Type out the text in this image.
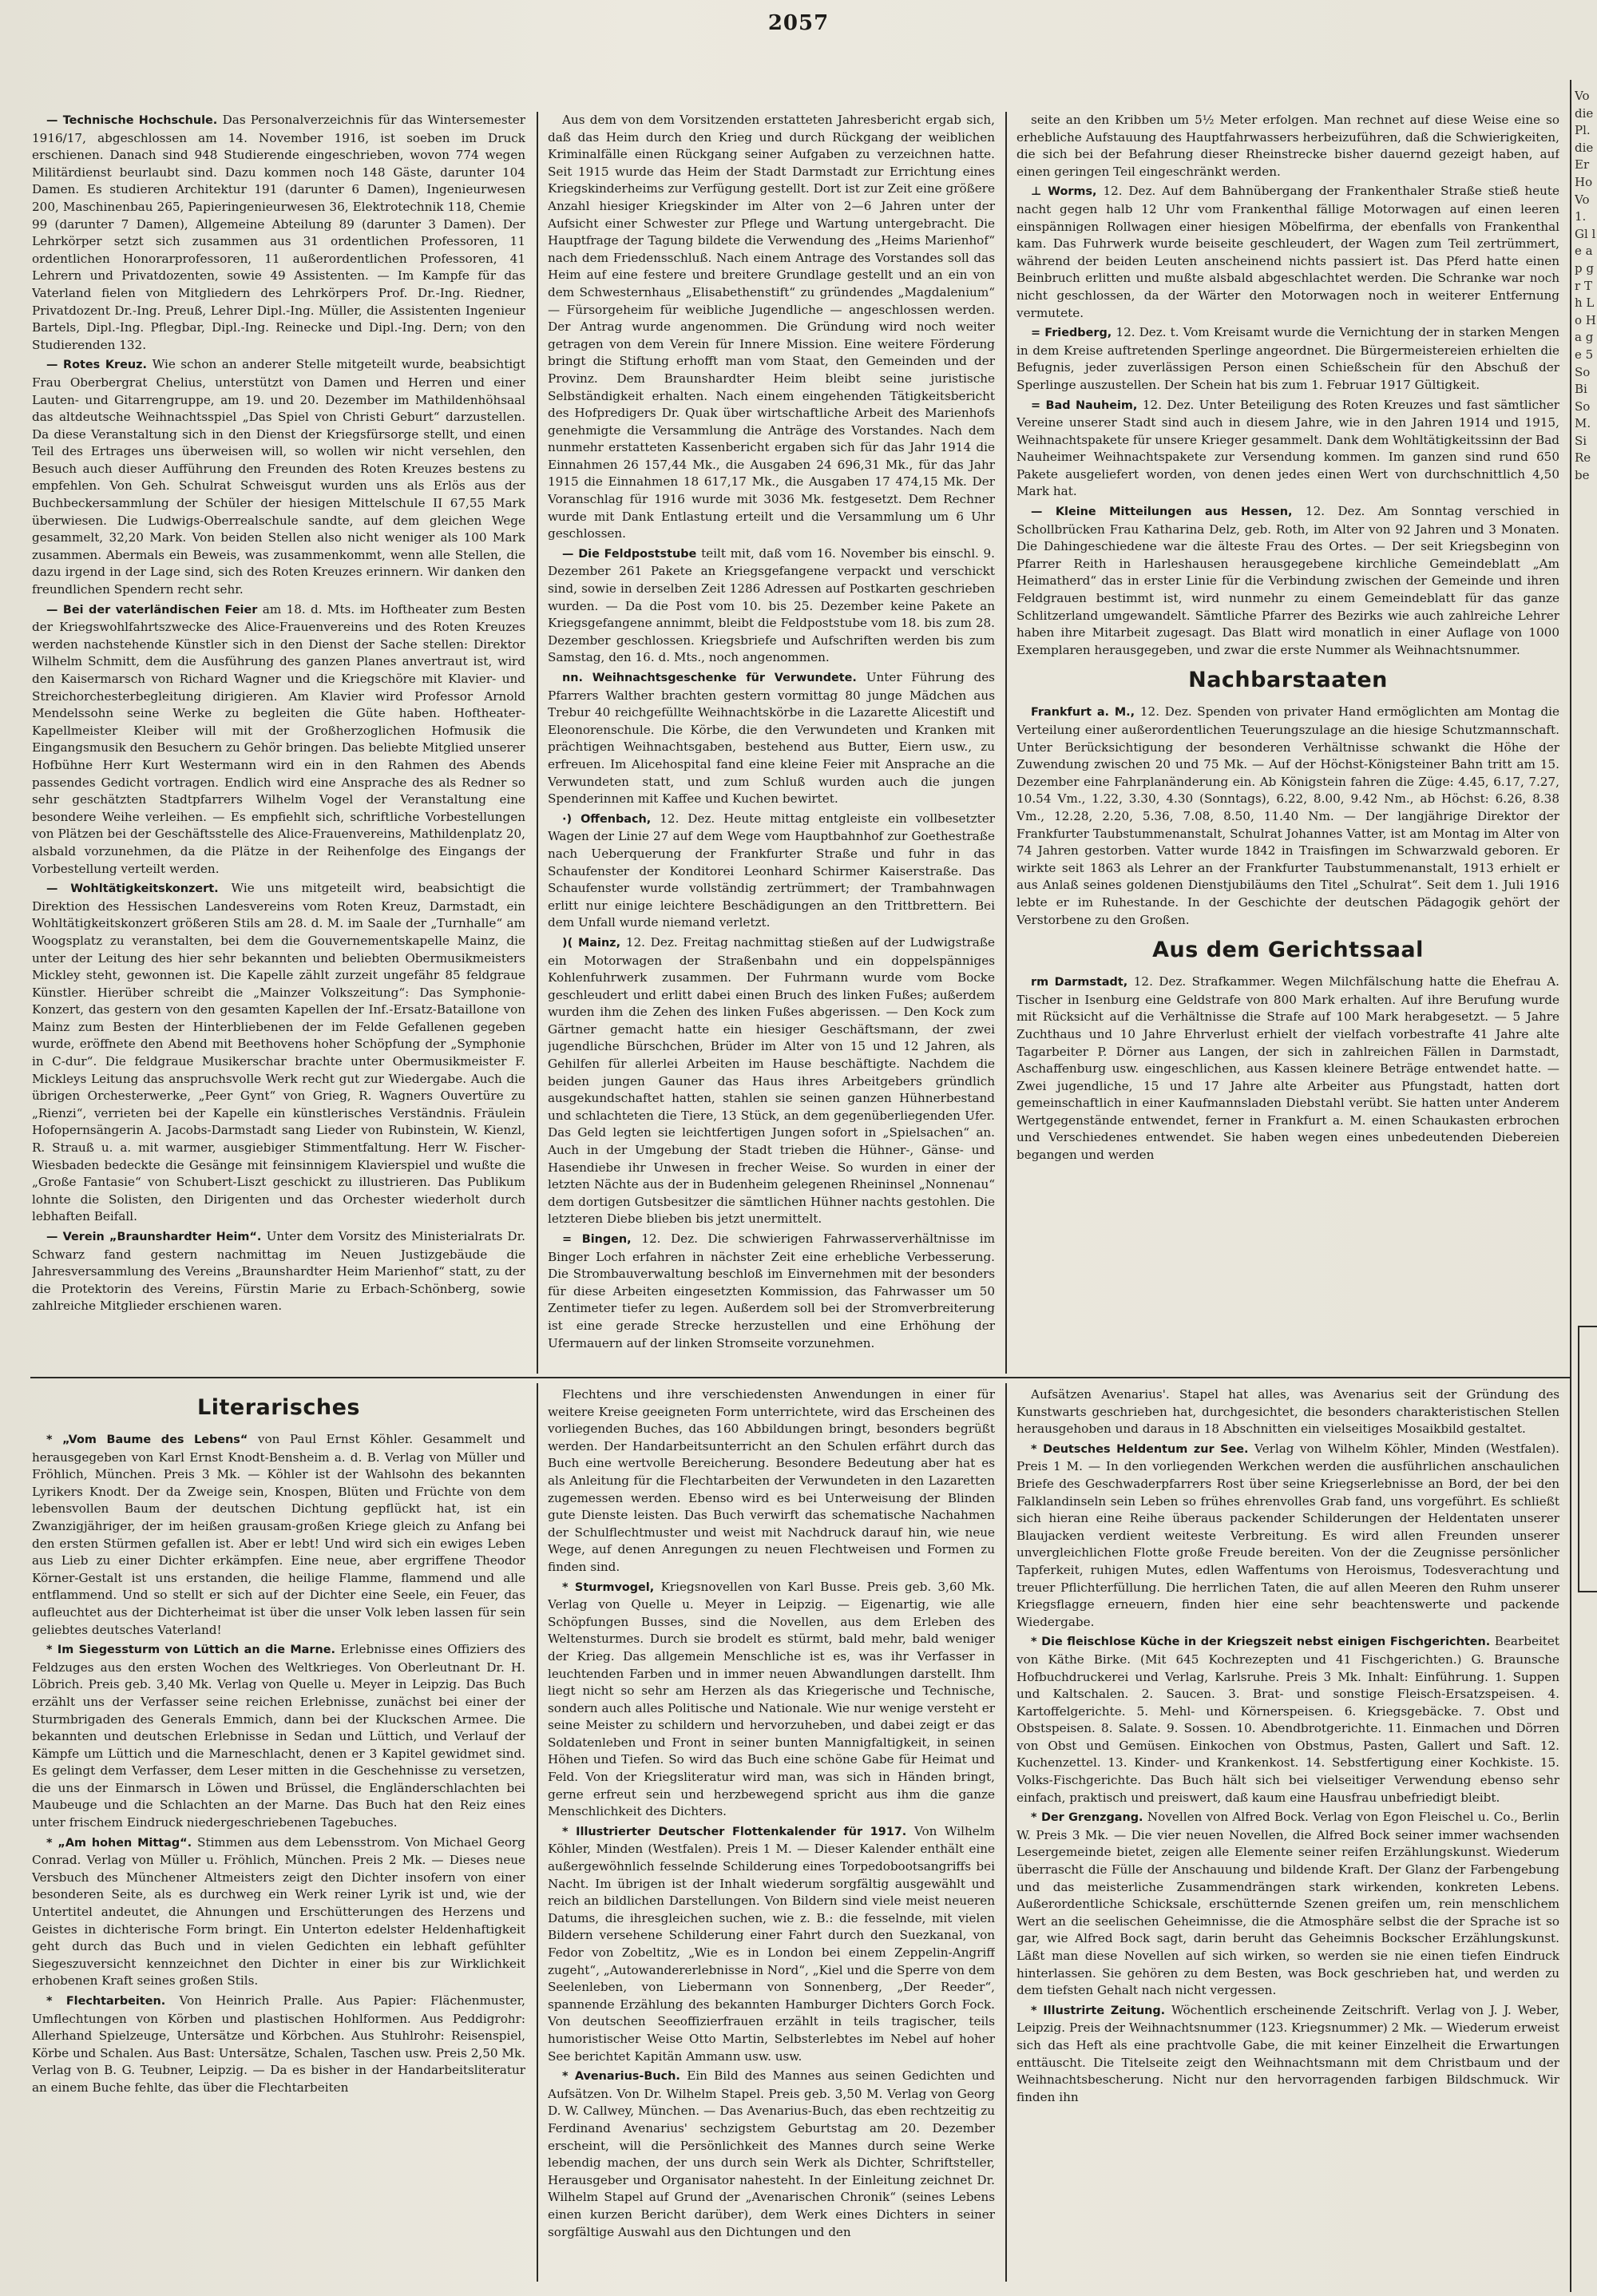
2057

— Technische Hochschule. Das Personalverzeichnis für das Wintersemester 1916/17, abgeschlossen am 14. November 1916, ist soeben im Druck erschienen. Danach sind 948 Studierende eingeschrieben, wovon 774 wegen Militärdienst beurlaubt sind. Dazu kommen noch 148 Gäste, darunter 104 Damen. Es studieren Architektur 191 (darunter 6 Damen), Ingenieurwesen 200, Maschinenbau 265, Papieringenieurwesen 36, Elektrotechnik 118, Chemie 99 (darunter 7 Damen), Allgemeine Abteilung 89 (darunter 3 Damen). Der Lehrkörper setzt sich zusammen aus 31 ordentlichen Professoren, 11 ordentlichen Honorarprofessoren, 11 außerordentlichen Professoren, 41 Lehrern und Privatdozenten, sowie 49 Assistenten. — Im Kampfe für das Vaterland fielen von Mitgliedern des Lehrkörpers Prof. Dr.-Ing. Riedner, Privatdozent Dr.-Ing. Preuß, Lehrer Dipl.-Ing. Müller, die Assistenten Ingenieur Bartels, Dipl.-Ing. Pflegbar, Dipl.-Ing. Reinecke und Dipl.-Ing. Dern; von den Studierenden 132.

— Rotes Kreuz. Wie schon an anderer Stelle mitgeteilt wurde, beabsichtigt Frau Oberbergrat Chelius, unterstützt von Damen und Herren und einer Lauten- und Gitarrengruppe, am 19. und 20. Dezember im Mathildenhöhsaal das altdeutsche Weihnachtsspiel „Das Spiel von Christi Geburt“ darzustellen. Da diese Veranstaltung sich in den Dienst der Kriegsfürsorge stellt, und einen Teil des Ertrages uns überweisen will, so wollen wir nicht versehlen, den Besuch auch dieser Aufführung den Freunden des Roten Kreuzes bestens zu empfehlen. Von Geh. Schulrat Schweisgut wurden uns als Erlös aus der Buchbeckersammlung der Schüler der hiesigen Mittelschule II 67,55 Mark überwiesen. Die Ludwigs-Oberrealschule sandte, auf dem gleichen Wege gesammelt, 32,20 Mark. Von beiden Stellen also nicht weniger als 100 Mark zusammen. Abermals ein Beweis, was zusammenkommt, wenn alle Stellen, die dazu irgend in der Lage sind, sich des Roten Kreuzes erinnern. Wir danken den freundlichen Spendern recht sehr.

— Bei der vaterländischen Feier am 18. d. Mts. im Hoftheater zum Besten der Kriegswohlfahrtszwecke des Alice-Frauenvereins und des Roten Kreuzes werden nachstehende Künstler sich in den Dienst der Sache stellen: Direktor Wilhelm Schmitt, dem die Ausführung des ganzen Planes anvertraut ist, wird den Kaisermarsch von Richard Wagner und die Kriegschöre mit Klavier- und Streichorchesterbegleitung dirigieren. Am Klavier wird Professor Arnold Mendelssohn seine Werke zu begleiten die Güte haben. Hoftheater-Kapellmeister Kleiber will mit der Großherzoglichen Hofmusik die Eingangsmusik den Besuchern zu Gehör bringen. Das beliebte Mitglied unserer Hofbühne Herr Kurt Westermann wird ein in den Rahmen des Abends passendes Gedicht vortragen. Endlich wird eine Ansprache des als Redner so sehr geschätzten Stadtpfarrers Wilhelm Vogel der Veranstaltung eine besondere Weihe verleihen. — Es empfiehlt sich, schriftliche Vorbestellungen von Plätzen bei der Geschäftsstelle des Alice-Frauenvereins, Mathildenplatz 20, alsbald vorzunehmen, da die Plätze in der Reihenfolge des Eingangs der Vorbestellung verteilt werden.

— Wohltätigkeitskonzert. Wie uns mitgeteilt wird, beabsichtigt die Direktion des Hessischen Landesvereins vom Roten Kreuz, Darmstadt, ein Wohltätigkeitskonzert größeren Stils am 28. d. M. im Saale der „Turnhalle“ am Woogsplatz zu veranstalten, bei dem die Gouvernementskapelle Mainz, die unter der Leitung des hier sehr bekannten und beliebten Obermusikmeisters Mickley steht, gewonnen ist. Die Kapelle zählt zurzeit ungefähr 85 feldgraue Künstler. Hierüber schreibt die „Mainzer Volkszeitung“: Das Symphonie-Konzert, das gestern von den gesamten Kapellen der Inf.-Ersatz-Bataillone von Mainz zum Besten der Hinterbliebenen der im Felde Gefallenen gegeben wurde, eröffnete den Abend mit Beethovens hoher Schöpfung der „Symphonie in C-dur“. Die feldgraue Musikerschar brachte unter Obermusikmeister F. Mickleys Leitung das anspruchsvolle Werk recht gut zur Wiedergabe. Auch die übrigen Orchesterwerke, „Peer Gynt“ von Grieg, R. Wagners Ouvertüre zu „Rienzi“, verrieten bei der Kapelle ein künstlerisches Verständnis. Fräulein Hofopernsängerin A. Jacobs-Darmstadt sang Lieder von Rubinstein, W. Kienzl, R. Strauß u. a. mit warmer, ausgiebiger Stimmentfaltung. Herr W. Fischer-Wiesbaden bedeckte die Gesänge mit feinsinnigem Klavierspiel und wußte die „Große Fantasie“ von Schubert-Liszt geschickt zu illustrieren. Das Publikum lohnte die Solisten, den Dirigenten und das Orchester wiederholt durch lebhaften Beifall.

— Verein „Braunshardter Heim“. Unter dem Vorsitz des Ministerialrats Dr. Schwarz fand gestern nachmittag im Neuen Justizgebäude die Jahresversammlung des Vereins „Braunshardter Heim Marienhof“ statt, zu der die Protektorin des Vereins, Fürstin Marie zu Erbach-Schönberg, sowie zahlreiche Mitglieder erschienen waren.

Aus dem von dem Vorsitzenden erstatteten Jahresbericht ergab sich, daß das Heim durch den Krieg und durch Rückgang der weiblichen Kriminalfälle einen Rückgang seiner Aufgaben zu verzeichnen hatte. Seit 1915 wurde das Heim der Stadt Darmstadt zur Errichtung eines Kriegskinderheims zur Verfügung gestellt. Dort ist zur Zeit eine größere Anzahl hiesiger Kriegskinder im Alter von 2—6 Jahren unter der Aufsicht einer Schwester zur Pflege und Wartung untergebracht. Die Hauptfrage der Tagung bildete die Verwendung des „Heims Marienhof“ nach dem Friedensschluß. Nach einem Antrage des Vorstandes soll das Heim auf eine festere und breitere Grundlage gestellt und an ein von dem Schwesternhaus „Elisabethenstift“ zu gründendes „Magdalenium“ — Fürsorgeheim für weibliche Jugendliche — angeschlossen werden. Der Antrag wurde angenommen. Die Gründung wird noch weiter getragen von dem Verein für Innere Mission. Eine weitere Förderung bringt die Stiftung erhofft man vom Staat, den Gemeinden und der Provinz. Dem Braunshardter Heim bleibt seine juristische Selbständigkeit erhalten. Nach einem eingehenden Tätigkeitsbericht des Hofpredigers Dr. Quak über wirtschaftliche Arbeit des Marienhofs genehmigte die Versammlung die Anträge des Vorstandes. Nach dem nunmehr erstatteten Kassenbericht ergaben sich für das Jahr 1914 die Einnahmen 26 157,44 Mk., die Ausgaben 24 696,31 Mk., für das Jahr 1915 die Einnahmen 18 617,17 Mk., die Ausgaben 17 474,15 Mk. Der Voranschlag für 1916 wurde mit 3036 Mk. festgesetzt. Dem Rechner wurde mit Dank Entlastung erteilt und die Versammlung um 6 Uhr geschlossen.

— Die Feldpoststube teilt mit, daß vom 16. November bis einschl. 9. Dezember 261 Pakete an Kriegsgefangene verpackt und verschickt sind, sowie in derselben Zeit 1286 Adressen auf Postkarten geschrieben wurden. — Da die Post vom 10. bis 25. Dezember keine Pakete an Kriegsgefangene annimmt, bleibt die Feldpoststube vom 18. bis zum 28. Dezember geschlossen. Kriegsbriefe und Aufschriften werden bis zum Samstag, den 16. d. Mts., noch angenommen.

nn. Weihnachtsgeschenke für Verwundete. Unter Führung des Pfarrers Walther brachten gestern vormittag 80 junge Mädchen aus Trebur 40 reichgefüllte Weihnachtskörbe in die Lazarette Alicestift und Eleonorenschule. Die Körbe, die den Verwundeten und Kranken mit prächtigen Weihnachtsgaben, bestehend aus Butter, Eiern usw., zu erfreuen. Im Alicehospital fand eine kleine Feier mit Ansprache an die Verwundeten statt, und zum Schluß wurden auch die jungen Spenderinnen mit Kaffee und Kuchen bewirtet.

·) Offenbach, 12. Dez. Heute mittag entgleiste ein vollbesetzter Wagen der Linie 27 auf dem Wege vom Hauptbahnhof zur Goethestraße nach Ueberquerung der Frankfurter Straße und fuhr in das Schaufenster der Konditorei Leonhard Schirmer Kaiserstraße. Das Schaufenster wurde vollständig zertrümmert; der Trambahnwagen erlitt nur einige leichtere Beschädigungen an den Trittbrettern. Bei dem Unfall wurde niemand verletzt.

)( Mainz, 12. Dez. Freitag nachmittag stießen auf der Ludwigstraße ein Motorwagen der Straßenbahn und ein doppelspänniges Kohlenfuhrwerk zusammen. Der Fuhrmann wurde vom Bocke geschleudert und erlitt dabei einen Bruch des linken Fußes; außerdem wurden ihm die Zehen des linken Fußes abgerissen. — Den Kock zum Gärtner gemacht hatte ein hiesiger Geschäftsmann, der zwei jugendliche Bürschchen, Brüder im Alter von 15 und 12 Jahren, als Gehilfen für allerlei Arbeiten im Hause beschäftigte. Nachdem die beiden jungen Gauner das Haus ihres Arbeitgebers gründlich ausgekundschaftet hatten, stahlen sie seinen ganzen Hühnerbestand und schlachteten die Tiere, 13 Stück, an dem gegenüberliegenden Ufer. Das Geld legten sie leichtfertigen Jungen sofort in „Spielsachen“ an. Auch in der Umgebung der Stadt trieben die Hühner-, Gänse- und Hasendiebe ihr Unwesen in frecher Weise. So wurden in einer der letzten Nächte aus der in Budenheim gelegenen Rheininsel „Nonnenau“ dem dortigen Gutsbesitzer die sämtlichen Hühner nachts gestohlen. Die letzteren Diebe blieben bis jetzt unermittelt.

= Bingen, 12. Dez. Die schwierigen Fahrwasserverhältnisse im Binger Loch erfahren in nächster Zeit eine erhebliche Verbesserung. Die Strombauverwaltung beschloß im Einvernehmen mit der besonders für diese Arbeiten eingesetzten Kommission, das Fahrwasser um 50 Zentimeter tiefer zu legen. Außerdem soll bei der Stromverbreiterung ist eine gerade Strecke herzustellen und eine Erhöhung der Ufermauern auf der linken Stromseite vorzunehmen.

seite an den Kribben um 5½ Meter erfolgen. Man rechnet auf diese Weise eine so erhebliche Aufstauung des Hauptfahrwassers herbeizuführen, daß die Schwierigkeiten, die sich bei der Befahrung dieser Rheinstrecke bisher dauernd gezeigt haben, auf einen geringen Teil eingeschränkt werden.

⊥ Worms, 12. Dez. Auf dem Bahnübergang der Frankenthaler Straße stieß heute nacht gegen halb 12 Uhr vom Frankenthal fällige Motorwagen auf einen leeren einspännigen Rollwagen einer hiesigen Möbelfirma, der ebenfalls von Frankenthal kam. Das Fuhrwerk wurde beiseite geschleudert, der Wagen zum Teil zertrümmert, während der beiden Leuten anscheinend nichts passiert ist. Das Pferd hatte einen Beinbruch erlitten und mußte alsbald abgeschlachtet werden. Die Schranke war noch nicht geschlossen, da der Wärter den Motorwagen noch in weiterer Entfernung vermutete.

= Friedberg, 12. Dez. t. Vom Kreisamt wurde die Vernichtung der in starken Mengen in dem Kreise auftretenden Sperlinge angeordnet. Die Bürgermeistereien erhielten die Befugnis, jeder zuverlässigen Person einen Schießschein für den Abschuß der Sperlinge auszustellen. Der Schein hat bis zum 1. Februar 1917 Gültigkeit.

= Bad Nauheim, 12. Dez. Unter Beteiligung des Roten Kreuzes und fast sämtlicher Vereine unserer Stadt sind auch in diesem Jahre, wie in den Jahren 1914 und 1915, Weihnachtspakete für unsere Krieger gesammelt. Dank dem Wohltätigkeitssinn der Bad Nauheimer Weihnachtspakete zur Versendung kommen. Im ganzen sind rund 650 Pakete ausgeliefert worden, von denen jedes einen Wert von durchschnittlich 4,50 Mark hat.

— Kleine Mitteilungen aus Hessen, 12. Dez. Am Sonntag verschied in Schollbrücken Frau Katharina Delz, geb. Roth, im Alter von 92 Jahren und 3 Monaten. Die Dahingeschiedene war die älteste Frau des Ortes. — Der seit Kriegsbeginn von Pfarrer Reith in Harleshausen herausgegebene kirchliche Gemeindeblatt „Am Heimatherd“ das in erster Linie für die Verbindung zwischen der Gemeinde und ihren Feldgrauen bestimmt ist, wird nunmehr zu einem Gemeindeblatt für das ganze Schlitzerland umgewandelt. Sämtliche Pfarrer des Bezirks wie auch zahlreiche Lehrer haben ihre Mitarbeit zugesagt. Das Blatt wird monatlich in einer Auflage von 1000 Exemplaren herausgegeben, und zwar die erste Nummer als Weihnachtsnummer.

Nachbarstaaten

Frankfurt a. M., 12. Dez. Spenden von privater Hand ermöglichten am Montag die Verteilung einer außerordentlichen Teuerungszulage an die hiesige Schutzmannschaft. Unter Berücksichtigung der besonderen Verhältnisse schwankt die Höhe der Zuwendung zwischen 20 und 75 Mk. — Auf der Höchst-Königsteiner Bahn tritt am 15. Dezember eine Fahrplanänderung ein. Ab Königstein fahren die Züge: 4.45, 6.17, 7.27, 10.54 Vm., 1.22, 3.30, 4.30 (Sonntags), 6.22, 8.00, 9.42 Nm., ab Höchst: 6.26, 8.38 Vm., 12.28, 2.20, 5.36, 7.08, 8.50, 11.40 Nm. — Der langjährige Direktor der Frankfurter Taubstummenanstalt, Schulrat Johannes Vatter, ist am Montag im Alter von 74 Jahren gestorben. Vatter wurde 1842 in Traisfingen im Schwarzwald geboren. Er wirkte seit 1863 als Lehrer an der Frankfurter Taubstummenanstalt, 1913 erhielt er aus Anlaß seines goldenen Dienstjubiläums den Titel „Schulrat“. Seit dem 1. Juli 1916 lebte er im Ruhestande. In der Geschichte der deutschen Pädagogik gehört der Verstorbene zu den Großen.

Aus dem Gerichtssaal

rm Darmstadt, 12. Dez. Strafkammer. Wegen Milchfälschung hatte die Ehefrau A. Tischer in Isenburg eine Geldstrafe von 800 Mark erhalten. Auf ihre Berufung wurde mit Rücksicht auf die Verhältnisse die Strafe auf 100 Mark herabgesetzt. — 5 Jahre Zuchthaus und 10 Jahre Ehrverlust erhielt der vielfach vorbestrafte 41 Jahre alte Tagarbeiter P. Dörner aus Langen, der sich in zahlreichen Fällen in Darmstadt, Aschaffenburg usw. eingeschlichen, aus Kassen kleinere Beträge entwendet hatte. — Zwei jugendliche, 15 und 17 Jahre alte Arbeiter aus Pfungstadt, hatten dort gemeinschaftlich in einer Kaufmannsladen Diebstahl verübt. Sie hatten unter Anderem Wertgegenstände entwendet, ferner in Frankfurt a. M. einen Schaukasten erbrochen und Verschiedenes entwendet. Sie haben wegen eines unbedeutenden Diebereien begangen und werden

Literarisches

* „Vom Baume des Lebens“ von Paul Ernst Köhler. Gesammelt und herausgegeben von Karl Ernst Knodt-Bensheim a. d. B. Verlag von Müller und Fröhlich, München. Preis 3 Mk. — Köhler ist der Wahlsohn des bekannten Lyrikers Knodt. Der da Zweige sein, Knospen, Blüten und Früchte von dem lebensvollen Baum der deutschen Dichtung gepflückt hat, ist ein Zwanzigjähriger, der im heißen grausam-großen Kriege gleich zu Anfang bei den ersten Stürmen gefallen ist. Aber er lebt! Und wird sich ein ewiges Leben aus Lieb zu einer Dichter erkämpfen. Eine neue, aber ergriffene Theodor Körner-Gestalt ist uns erstanden, die heilige Flamme, flammend und alle entflammend. Und so stellt er sich auf der Dichter eine Seele, ein Feuer, das aufleuchtet aus der Dichterheimat ist über die unser Volk leben lassen für sein geliebtes deutsches Vaterland!

* Im Siegessturm von Lüttich an die Marne. Erlebnisse eines Offiziers des Feldzuges aus den ersten Wochen des Weltkrieges. Von Oberleutnant Dr. H. Löbrich. Preis geb. 3,40 Mk. Verlag von Quelle u. Meyer in Leipzig. Das Buch erzählt uns der Verfasser seine reichen Erlebnisse, zunächst bei einer der Sturmbrigaden des Generals Emmich, dann bei der Kluckschen Armee. Die bekannten und deutschen Erlebnisse in Sedan und Lüttich, und Verlauf der Kämpfe um Lüttich und die Marneschlacht, denen er 3 Kapitel gewidmet sind. Es gelingt dem Verfasser, dem Leser mitten in die Geschehnisse zu versetzen, die uns der Einmarsch in Löwen und Brüssel, die Engländerschlachten bei Maubeuge und die Schlachten an der Marne. Das Buch hat den Reiz eines unter frischem Eindruck niedergeschriebenen Tagebuches.

* „Am hohen Mittag“. Stimmen aus dem Lebensstrom. Von Michael Georg Conrad. Verlag von Müller u. Fröhlich, München. Preis 2 Mk. — Dieses neue Versbuch des Münchener Altmeisters zeigt den Dichter insofern von einer besonderen Seite, als es durchweg ein Werk reiner Lyrik ist und, wie der Untertitel andeutet, die Ahnungen und Erschütterungen des Herzens und Geistes in dichterische Form bringt. Ein Unterton edelster Heldenhaftigkeit geht durch das Buch und in vielen Gedichten ein lebhaft gefühlter Siegeszuversicht kennzeichnet den Dichter in einer bis zur Wirklichkeit erhobenen Kraft seines großen Stils.

* Flechtarbeiten. Von Heinrich Pralle. Aus Papier: Flächenmuster, Umflechtungen von Körben und plastischen Hohlformen. Aus Peddigrohr: Allerhand Spielzeuge, Untersätze und Körbchen. Aus Stuhlrohr: Reisenspiel, Körbe und Schalen. Aus Bast: Untersätze, Schalen, Taschen usw. Preis 2,50 Mk. Verlag von B. G. Teubner, Leipzig. — Da es bisher in der Handarbeitsliteratur an einem Buche fehlte, das über die Flechtarbeiten

Flechtens und ihre verschiedensten Anwendungen in einer für weitere Kreise geeigneten Form unterrichtete, wird das Erscheinen des vorliegenden Buches, das 160 Abbildungen bringt, besonders begrüßt werden. Der Handarbeitsunterricht an den Schulen erfährt durch das Buch eine wertvolle Bereicherung. Besondere Bedeutung aber hat es als Anleitung für die Flechtarbeiten der Verwundeten in den Lazaretten zugemessen werden. Ebenso wird es bei Unterweisung der Blinden gute Dienste leisten. Das Buch verwirft das schematische Nachahmen der Schulflechtmuster und weist mit Nachdruck darauf hin, wie neue Wege, auf denen Anregungen zu neuen Flechtweisen und Formen zu finden sind.

* Sturmvogel, Kriegsnovellen von Karl Busse. Preis geb. 3,60 Mk. Verlag von Quelle u. Meyer in Leipzig. — Eigenartig, wie alle Schöpfungen Busses, sind die Novellen, aus dem Erleben des Weltensturmes. Durch sie brodelt es stürmt, bald mehr, bald weniger der Krieg. Das allgemein Menschliche ist es, was ihr Verfasser in leuchtenden Farben und in immer neuen Abwandlungen darstellt. Ihm liegt nicht so sehr am Herzen als das Kriegerische und Technische, sondern auch alles Politische und Nationale. Wie nur wenige versteht er seine Meister zu schildern und hervorzuheben, und dabei zeigt er das Soldatenleben und Front in seiner bunten Mannigfaltigkeit, in seinen Höhen und Tiefen. So wird das Buch eine schöne Gabe für Heimat und Feld. Von der Kriegsliteratur wird man, was sich in Händen bringt, gerne erfreut sein und herzbewegend spricht aus ihm die ganze Menschlichkeit des Dichters.

* Illustrierter Deutscher Flottenkalender für 1917. Von Wilhelm Köhler, Minden (Westfalen). Preis 1 M. — Dieser Kalender enthält eine außergewöhnlich fesselnde Schilderung eines Torpedobootsangriffs bei Nacht. Im übrigen ist der Inhalt wiederum sorgfältig ausgewählt und reich an bildlichen Darstellungen. Von Bildern sind viele meist neueren Datums, die ihresgleichen suchen, wie z. B.: die fesselnde, mit vielen Bildern versehene Schilderung einer Fahrt durch den Suezkanal, von Fedor von Zobeltitz, „Wie es in London bei einem Zeppelin-Angriff zugeht“, „Autowandererlebnisse in Nord“, „Kiel und die Sperre von dem Seelenleben, von Liebermann von Sonnenberg, „Der Reeder“, spannende Erzählung des bekannten Hamburger Dichters Gorch Fock. Von deutschen Seeoffizierfrauen erzählt in teils tragischer, teils humoristischer Weise Otto Martin, Selbsterlebtes im Nebel auf hoher See berichtet Kapitän Ammann usw. usw.

* Avenarius-Buch. Ein Bild des Mannes aus seinen Gedichten und Aufsätzen. Von Dr. Wilhelm Stapel. Preis geb. 3,50 M. Verlag von Georg D. W. Callwey, München. — Das Avenarius-Buch, das eben rechtzeitig zu Ferdinand Avenarius' sechzigstem Geburtstag am 20. Dezember erscheint, will die Persönlichkeit des Mannes durch seine Werke lebendig machen, der uns durch sein Werk als Dichter, Schriftsteller, Herausgeber und Organisator nahesteht. In der Einleitung zeichnet Dr. Wilhelm Stapel auf Grund der „Avenarischen Chronik“ (seines Lebens einen kurzen Bericht darüber), dem Werk eines Dichters in seiner sorgfältige Auswahl aus den Dichtungen und den

Aufsätzen Avenarius'. Stapel hat alles, was Avenarius seit der Gründung des Kunstwarts geschrieben hat, durchgesichtet, die besonders charakteristischen Stellen herausgehoben und daraus in 18 Abschnitten ein vielseitiges Mosaikbild gestaltet.

* Deutsches Heldentum zur See. Verlag von Wilhelm Köhler, Minden (Westfalen). Preis 1 M. — In den vorliegenden Werkchen werden die ausführlichen anschaulichen Briefe des Geschwaderpfarrers Rost über seine Kriegserlebnisse an Bord, der bei den Falklandinseln sein Leben so frühes ehrenvolles Grab fand, uns vorgeführt. Es schließt sich hieran eine Reihe überaus packender Schilderungen der Heldentaten unserer Blaujacken verdient weiteste Verbreitung. Es wird allen Freunden unserer unvergleichlichen Flotte große Freude bereiten. Von der die Zeugnisse persönlicher Tapferkeit, ruhigen Mutes, edlen Waffentums von Heroismus, Todesverachtung und treuer Pflichterfüllung. Die herrlichen Taten, die auf allen Meeren den Ruhm unserer Kriegsflagge erneuern, finden hier eine sehr beachtenswerte und packende Wiedergabe.

* Die fleischlose Küche in der Kriegszeit nebst einigen Fischgerichten. Bearbeitet von Käthe Birke. (Mit 645 Kochrezepten und 41 Fischgerichten.) G. Braunsche Hofbuchdruckerei und Verlag, Karlsruhe. Preis 3 Mk. Inhalt: Einführung. 1. Suppen und Kaltschalen. 2. Saucen. 3. Brat- und sonstige Fleisch-Ersatzspeisen. 4. Kartoffelgerichte. 5. Mehl- und Körnerspeisen. 6. Kriegsgebäcke. 7. Obst und Obstspeisen. 8. Salate. 9. Sossen. 10. Abendbrotgerichte. 11. Einmachen und Dörren von Obst und Gemüsen. Einkochen von Obstmus, Pasten, Gallert und Saft. 12. Kuchenzettel. 13. Kinder- und Krankenkost. 14. Sebstfertigung einer Kochkiste. 15. Volks-Fischgerichte. Das Buch hält sich bei vielseitiger Verwendung ebenso sehr einfach, praktisch und preiswert, daß kaum eine Hausfrau unbefriedigt bleibt.

* Der Grenzgang. Novellen von Alfred Bock. Verlag von Egon Fleischel u. Co., Berlin W. Preis 3 Mk. — Die vier neuen Novellen, die Alfred Bock seiner immer wachsenden Lesergemeinde bietet, zeigen alle Elemente seiner reifen Erzählungskunst. Wiederum überrascht die Fülle der Anschauung und bildende Kraft. Der Glanz der Farbengebung und das meisterliche Zusammendrängen stark wirkenden, konkreten Lebens. Außerordentliche Schicksale, erschütternde Szenen greifen um, rein menschlichem Wert an die seelischen Geheimnisse, die die Atmosphäre selbst die der Sprache ist so gar, wie Alfred Bock sagt, darin beruht das Geheimnis Bockscher Erzählungskunst. Läßt man diese Novellen auf sich wirken, so werden sie nie einen tiefen Eindruck hinterlassen. Sie gehören zu dem Besten, was Bock geschrieben hat, und werden zu dem tiefsten Gehalt nach nicht vergessen.

* Illustrirte Zeitung. Wöchentlich erscheinende Zeitschrift. Verlag von J. J. Weber, Leipzig. Preis der Weihnachtsnummer (123. Kriegsnummer) 2 Mk. — Wiederum erweist sich das Heft als eine prachtvolle Gabe, die mit keiner Einzelheit die Erwartungen enttäuscht. Die Titelseite zeigt den Weihnachtsmann mit dem Christbaum und der Weihnachtsbescherung. Nicht nur den hervorragenden farbigen Bildschmuck. Wir finden ihn

Vo die Pl. die Er Ho Vo 1. Gl le ap gr Th Lo Ha ge 5 So Bi So M. Si Re be
